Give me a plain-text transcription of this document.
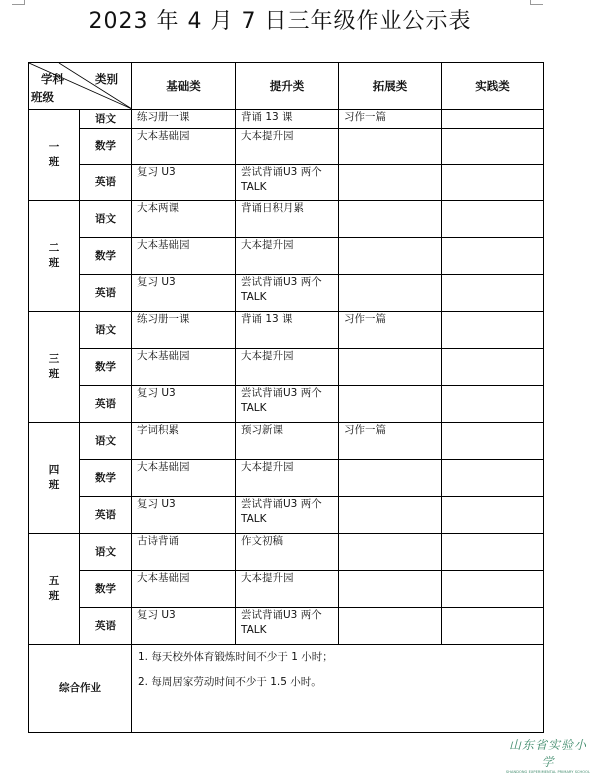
2023 年 4 月 7 日三年级作业公示表
学科 类别
班级		基础类	提升类	拓展类	实践类
一
班	语文	练习册一课	背诵 13 课	习作一篇	
	数学	大本基础园	大本提升园		
	英语	复习 U3	尝试背诵U3 两个 TALK		
二
班	语文	大本两课	背诵日积月累		
	数学	大本基础园	大本提升园		
	英语	复习 U3	尝试背诵U3 两个 TALK		
三
班	语文	练习册一课	背诵 13 课	习作一篇	
	数学	大本基础园	大本提升园		
	英语	复习 U3	尝试背诵U3 两个 TALK		
四
班	语文	字词积累	预习新课	习作一篇	
	数学	大本基础园	大本提升园		
	英语	复习 U3	尝试背诵U3 两个 TALK		
五
班	语文	古诗背诵	作文初稿		
	数学	大本基础园	大本提升园		
	英语	复习 U3	尝试背诵U3 两个 TALK		
综合作业		1. 每天校外体育锻炼时间不少于 1 小时；
2. 每周居家劳动时间不少于 1.5 小时。			
山东省实验小学
SHANDONG EXPERIMENTAL PRIMARY SCHOOL
